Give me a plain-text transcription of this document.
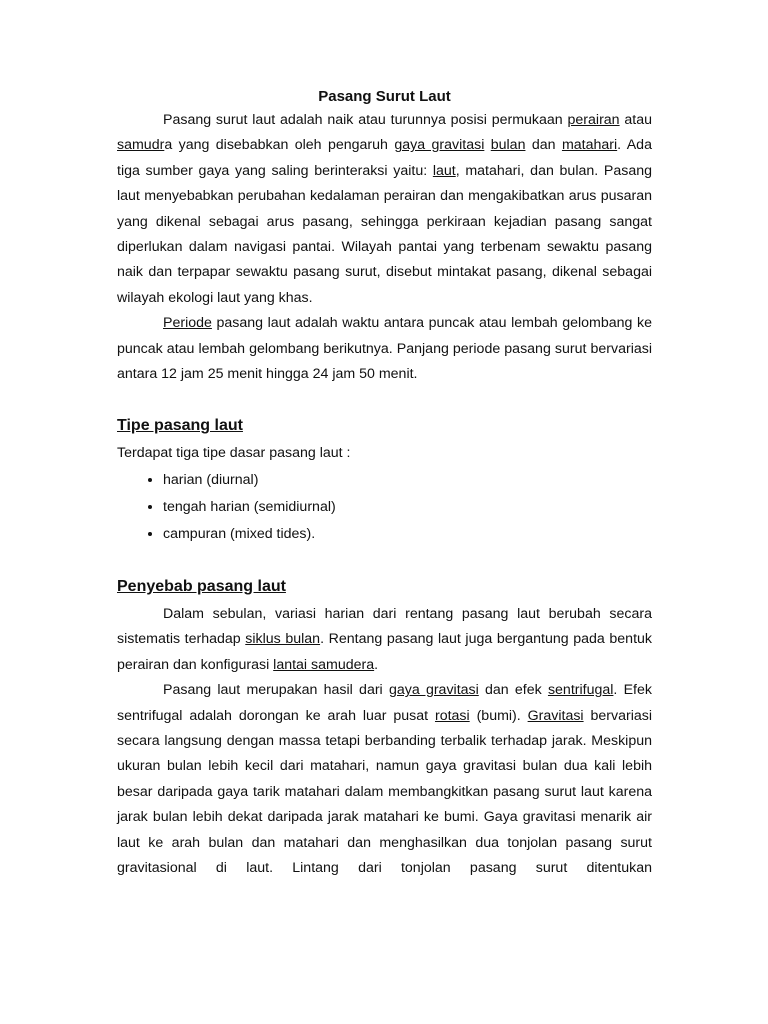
Pasang Surut Laut

Pasang surut laut adalah naik atau turunnya posisi permukaan perairan atau samudra yang disebabkan oleh pengaruh gaya gravitasi bulan dan matahari. Ada tiga sumber gaya yang saling berinteraksi yaitu: laut, matahari, dan bulan. Pasang laut menyebabkan perubahan kedalaman perairan dan mengakibatkan arus pusaran yang dikenal sebagai arus pasang, sehingga perkiraan kejadian pasang sangat diperlukan dalam navigasi pantai. Wilayah pantai yang terbenam sewaktu pasang naik dan terpapar sewaktu pasang surut, disebut mintakat pasang, dikenal sebagai wilayah ekologi laut yang khas.

Periode pasang laut adalah waktu antara puncak atau lembah gelombang ke puncak atau lembah gelombang berikutnya. Panjang periode pasang surut bervariasi antara 12 jam 25 menit hingga 24 jam 50 menit.

Tipe pasang laut

Terdapat tiga tipe dasar pasang laut :

• harian (diurnal)
• tengah harian (semidiurnal)
• campuran (mixed tides).
Penyebab pasang laut

Dalam sebulan, variasi harian dari rentang pasang laut berubah secara sistematis terhadap siklus bulan. Rentang pasang laut juga bergantung pada bentuk perairan dan konfigurasi lantai samudera.

Pasang laut merupakan hasil dari gaya gravitasi dan efek sentrifugal. Efek sentrifugal adalah dorongan ke arah luar pusat rotasi (bumi). Gravitasi bervariasi secara langsung dengan massa tetapi berbanding terbalik terhadap jarak. Meskipun ukuran bulan lebih kecil dari matahari, namun gaya gravitasi bulan dua kali lebih besar daripada gaya tarik matahari dalam membangkitkan pasang surut laut karena jarak bulan lebih dekat daripada jarak matahari ke bumi. Gaya gravitasi menarik air laut ke arah bulan dan matahari dan menghasilkan dua tonjolan pasang surut gravitasional di laut. Lintang dari tonjolan pasang surut ditentukan
